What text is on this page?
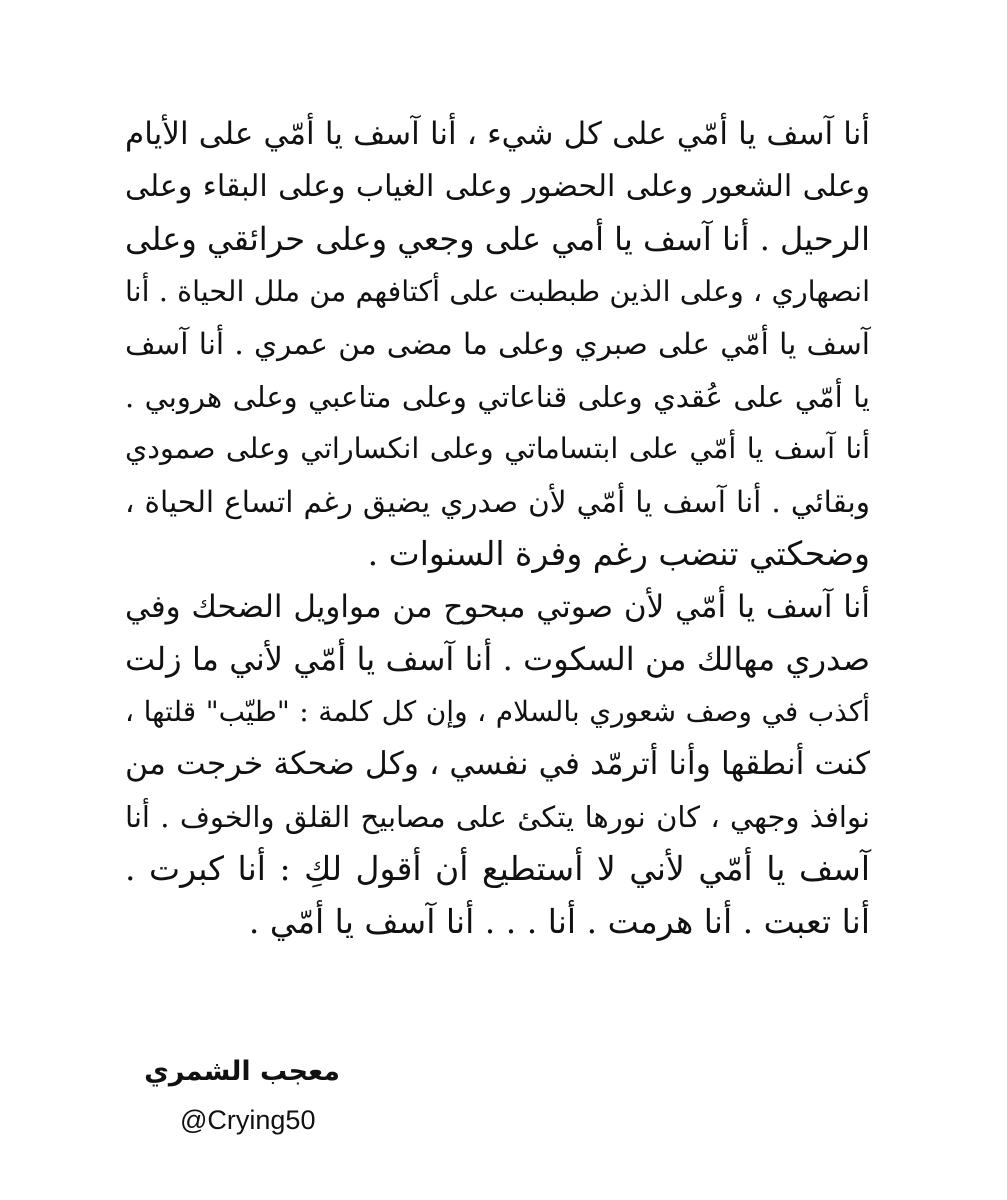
أنا آسف يا أمّي على كل شيء ، أنا آسف يا أمّي على الأيام
وعلى الشعور وعلى الحضور وعلى الغياب وعلى البقاء وعلى
الرحيل . أنا آسف يا أمي على وجعي وعلى حرائقي وعلى
انصهاري ، وعلى الذين طبطبت على أكتافهم من ملل الحياة . أنا
آسف يا أمّي على صبري وعلى ما مضى من عمري . أنا آسف
يا أمّي على عُقدي وعلى قناعاتي وعلى متاعبي وعلى هروبي .
أنا آسف يا أمّي على ابتساماتي وعلى انكساراتي وعلى صمودي
وبقائي . أنا آسف يا أمّي لأن صدري يضيق رغم اتساع الحياة ،
وضحكتي تنضب رغم وفرة السنوات .
أنا آسف يا أمّي لأن صوتي مبحوح من مواويل الضحك وفي
صدري مهالك من السكوت . أنا آسف يا أمّي لأني ما زلت
أكذب في وصف شعوري بالسلام ، وإن كل كلمة : "طيّب" قلتها ،
كنت أنطقها وأنا أترمّد في نفسي ، وكل ضحكة خرجت من
نوافذ وجهي ، كان نورها يتكئ على مصابيح القلق والخوف . أنا
آسف يا أمّي لأني لا أستطيع أن أقول لكِ : أنا كبرت .
أنا تعبت . أنا هرمت . أنا . . . أنا آسف يا أمّي .
معجب الشمري
@Crying50
